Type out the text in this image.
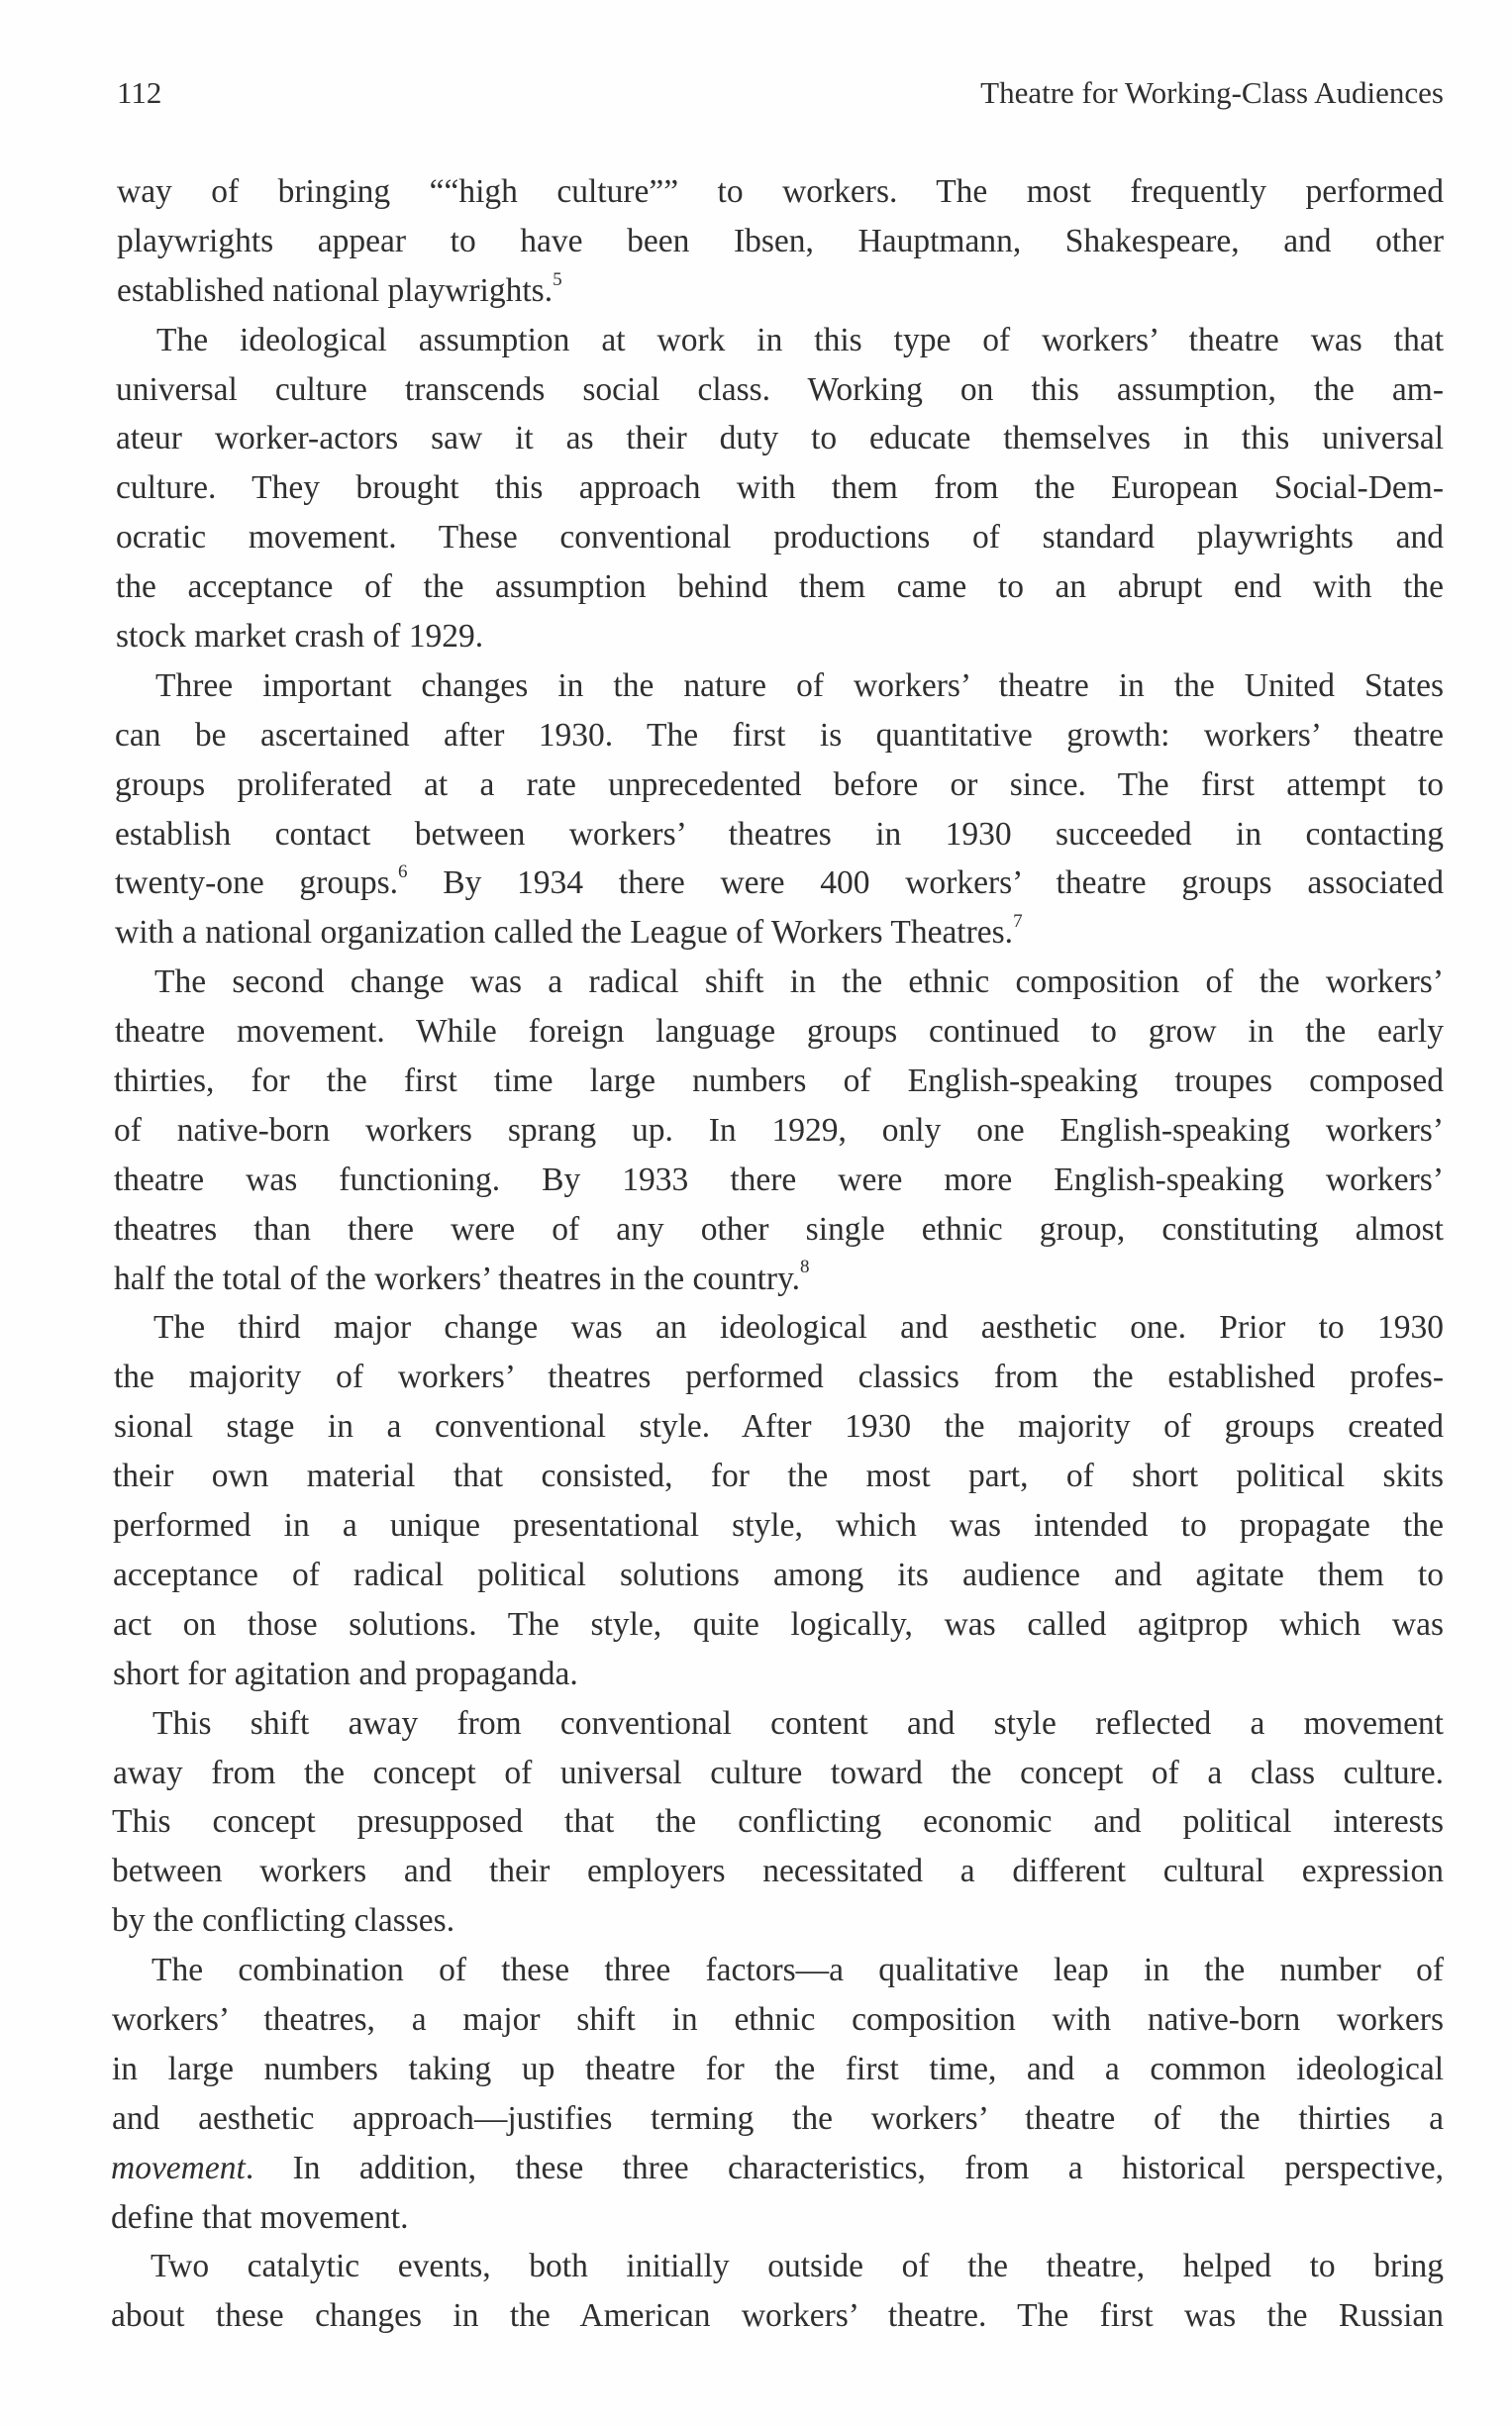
112	Theatre for Working-Class Audiences
way of bringing ““high culture”” to workers. The most frequently performed
playwrights appear to have been Ibsen, Hauptmann, Shakespeare, and other
established national playwrights.$^5$
The ideological assumption at work in this type of workers’ theatre was that
universal culture transcends social class. Working on this assumption, the am-
ateur worker-actors saw it as their duty to educate themselves in this universal
culture. They brought this approach with them from the European Social-Dem-
ocratic movement. These conventional productions of standard playwrights and
the acceptance of the assumption behind them came to an abrupt end with the
stock market crash of 1929.
Three important changes in the nature of workers’ theatre in the United States
can be ascertained after 1930. The first is quantitative growth: workers’ theatre
groups proliferated at a rate unprecedented before or since. The first attempt to
establish contact between workers’ theatres in 1930 succeeded in contacting
twenty-one groups.$^6$ By 1934 there were 400 workers’ theatre groups associated
with a national organization called the League of Workers Theatres.$^7$
The second change was a radical shift in the ethnic composition of the workers’
theatre movement. While foreign language groups continued to grow in the early
thirties, for the first time large numbers of English-speaking troupes composed
of native-born workers sprang up. In 1929, only one English-speaking workers’
theatre was functioning. By 1933 there were more English-speaking workers’
theatres than there were of any other single ethnic group, constituting almost
half the total of the workers’ theatres in the country.$^8$
The third major change was an ideological and aesthetic one. Prior to 1930
the majority of workers’ theatres performed classics from the established profes-
sional stage in a conventional style. After 1930 the majority of groups created
their own material that consisted, for the most part, of short political skits
performed in a unique presentational style, which was intended to propagate the
acceptance of radical political solutions among its audience and agitate them to
act on those solutions. The style, quite logically, was called agitprop which was
short for agitation and propaganda.
This shift away from conventional content and style reflected a movement
away from the concept of universal culture toward the concept of a class culture.
This concept presupposed that the conflicting economic and political interests
between workers and their employers necessitated a different cultural expression
by the conflicting classes.
The combination of these three factors—a qualitative leap in the number of
workers’ theatres, a major shift in ethnic composition with native-born workers
in large numbers taking up theatre for the first time, and a common ideological
and aesthetic approach—justifies terming the workers’ theatre of the thirties a
movement. In addition, these three characteristics, from a historical perspective,
define that movement.
Two catalytic events, both initially outside of the theatre, helped to bring
about these changes in the American workers’ theatre. The first was the Russian
